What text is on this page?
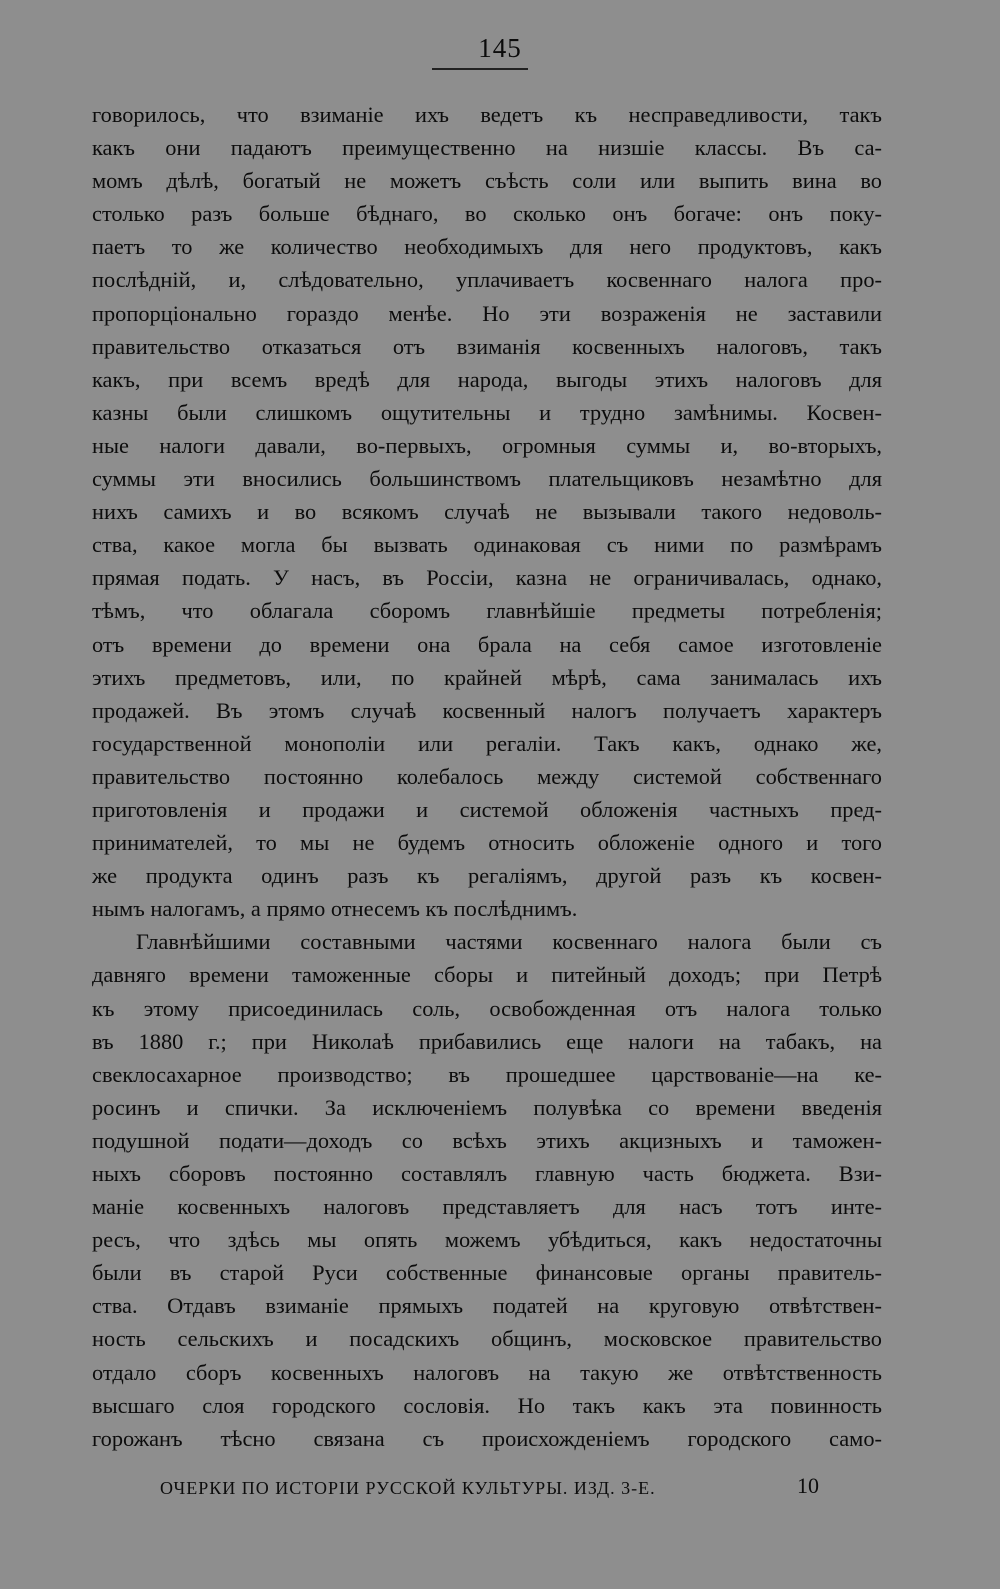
145
говорилось, что взиманіе ихъ ведетъ къ несправедливости, такъ
какъ они падаютъ преимущественно на низшіе классы. Въ са-
момъ дѣлѣ, богатый не можетъ съѣсть соли или выпить вина во
столько разъ больше бѣднаго, во сколько онъ богаче: онъ поку-
паетъ то же количество необходимыхъ для него продуктовъ, какъ
послѣдній, и, слѣдовательно, уплачиваетъ косвеннаго налога про-
пропорціонально гораздо менѣе. Но эти возраженія не заставили
правительство отказаться отъ взиманія косвенныхъ налоговъ, такъ
какъ, при всемъ вредѣ для народа, выгоды этихъ налоговъ для
казны были слишкомъ ощутительны и трудно замѣнимы. Косвен-
ные налоги давали, во-первыхъ, огромныя суммы и, во-вторыхъ,
суммы эти вносились большинствомъ плательщиковъ незамѣтно для
нихъ самихъ и во всякомъ случаѣ не вызывали такого недоволь-
ства, какое могла бы вызвать одинаковая съ ними по размѣрамъ
прямая подать. У насъ, въ Россіи, казна не ограничивалась, однако,
тѣмъ, что облагала сборомъ главнѣйшіе предметы потребленія;
отъ времени до времени она брала на себя самое изготовленіе
этихъ предметовъ, или, по крайней мѣрѣ, сама занималась ихъ
продажей. Въ этомъ случаѣ косвенный налогъ получаетъ характеръ
государственной монополіи или регаліи. Такъ какъ, однако же,
правительство постоянно колебалось между системой собственнаго
приготовленія и продажи и системой обложенія частныхъ пред-
принимателей, то мы не будемъ относить обложеніе одного и того
же продукта одинъ разъ къ регаліямъ, другой разъ къ косвен-
нымъ налогамъ, а прямо отнесемъ къ послѣднимъ.
Главнѣйшими составными частями косвеннаго налога были съ
давняго времени таможенные сборы и питейный доходъ; при Петрѣ
къ этому присоединилась соль, освобожденная отъ налога только
въ 1880 г.; при Николаѣ прибавились еще налоги на табакъ, на
свеклосахарное производство; въ прошедшее царствованіе—на ке-
росинъ и спички. За исключеніемъ полувѣка со времени введенія
подушной подати—доходъ со всѣхъ этихъ акцизныхъ и таможен-
ныхъ сборовъ постоянно составлялъ главную часть бюджета. Взи-
маніе косвенныхъ налоговъ представляетъ для насъ тотъ инте-
ресъ, что здѣсь мы опять можемъ убѣдиться, какъ недостаточны
были въ старой Руси собственные финансовые органы правитель-
ства. Отдавъ взиманіе прямыхъ податей на круговую отвѣтствен-
ность сельскихъ и посадскихъ общинъ, московское правительство
отдало сборъ косвенныхъ налоговъ на такую же отвѣтственность
высшаго слоя городского сословія. Но такъ какъ эта повинность
горожанъ тѣсно связана съ происхожденіемъ городского само-
ОЧЕРКИ ПО ИСТОРІИ РУССКОЙ КУЛЬТУРЫ. ИЗД. 3-Е.	10
